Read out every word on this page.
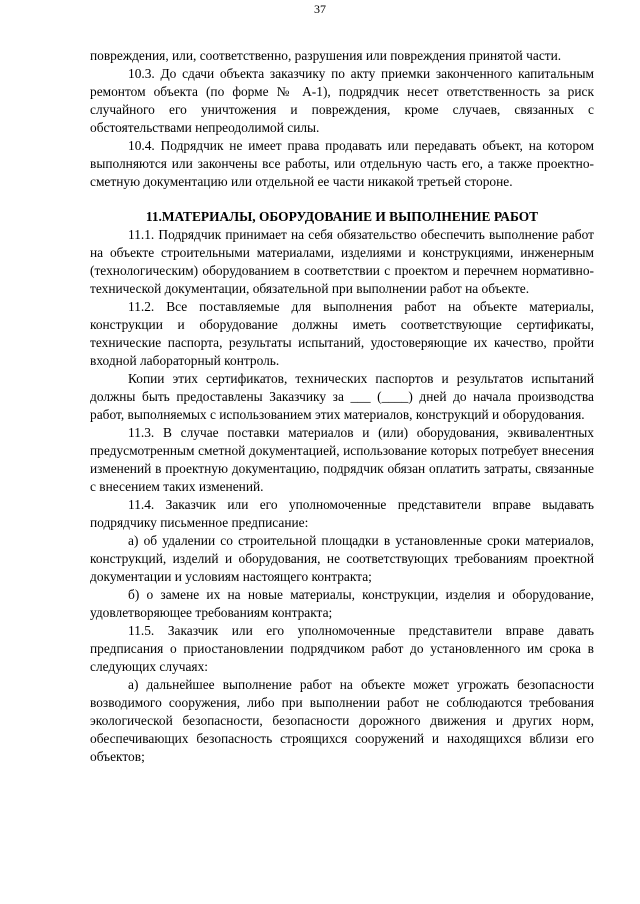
37

повреждения, или, соответственно, разрушения или повреждения принятой части.

10.3. До сдачи объекта заказчику по акту приемки законченного капитальным ремонтом объекта (по форме № А-1), подрядчик несет ответственность за риск случайного его уничтожения и повреждения, кроме случаев, связанных с обстоятельствами непреодолимой силы.

10.4. Подрядчик не имеет права продавать или передавать объект, на котором выполняются или закончены все работы, или отдельную часть его, а также проектно-сметную документацию или отдельной ее части никакой третьей стороне.

11.МАТЕРИАЛЫ, ОБОРУДОВАНИЕ И ВЫПОЛНЕНИЕ РАБОТ

11.1. Подрядчик принимает на себя обязательство обеспечить выполнение работ на объекте строительными материалами, изделиями и конструкциями, инженерным (технологическим) оборудованием в соответствии с проектом и перечнем нормативно-технической документации, обязательной при выполнении работ на объекте.

11.2. Все поставляемые для выполнения работ на объекте материалы, конструкции и оборудование должны иметь соответствующие сертификаты, технические паспорта, результаты испытаний, удостоверяющие их качество, пройти входной лабораторный контроль.

Копии этих сертификатов, технических паспортов и результатов испытаний должны быть предоставлены Заказчику за ___ (____) дней до начала производства работ, выполняемых с использованием этих материалов, конструкций и оборудования.

11.3. В случае поставки материалов и (или) оборудования, эквивалентных предусмотренным сметной документацией, использование которых потребует внесения изменений в проектную документацию, подрядчик обязан оплатить затраты, связанные с внесением таких изменений.

11.4. Заказчик или его уполномоченные представители вправе выдавать подрядчику письменное предписание:

а) об удалении со строительной площадки в установленные сроки материалов, конструкций, изделий и оборудования, не соответствующих требованиям проектной документации и условиям настоящего контракта;

б) о замене их на новые материалы, конструкции, изделия и оборудование, удовлетворяющее требованиям контракта;

11.5. Заказчик или его уполномоченные представители вправе давать предписания о приостановлении подрядчиком работ до установленного им срока в следующих случаях:

а) дальнейшее выполнение работ на объекте может угрожать безопасности возводимого сооружения, либо при выполнении работ не соблюдаются требования экологической безопасности, безопасности дорожного движения и других норм, обеспечивающих безопасность строящихся сооружений и находящихся вблизи его объектов;
